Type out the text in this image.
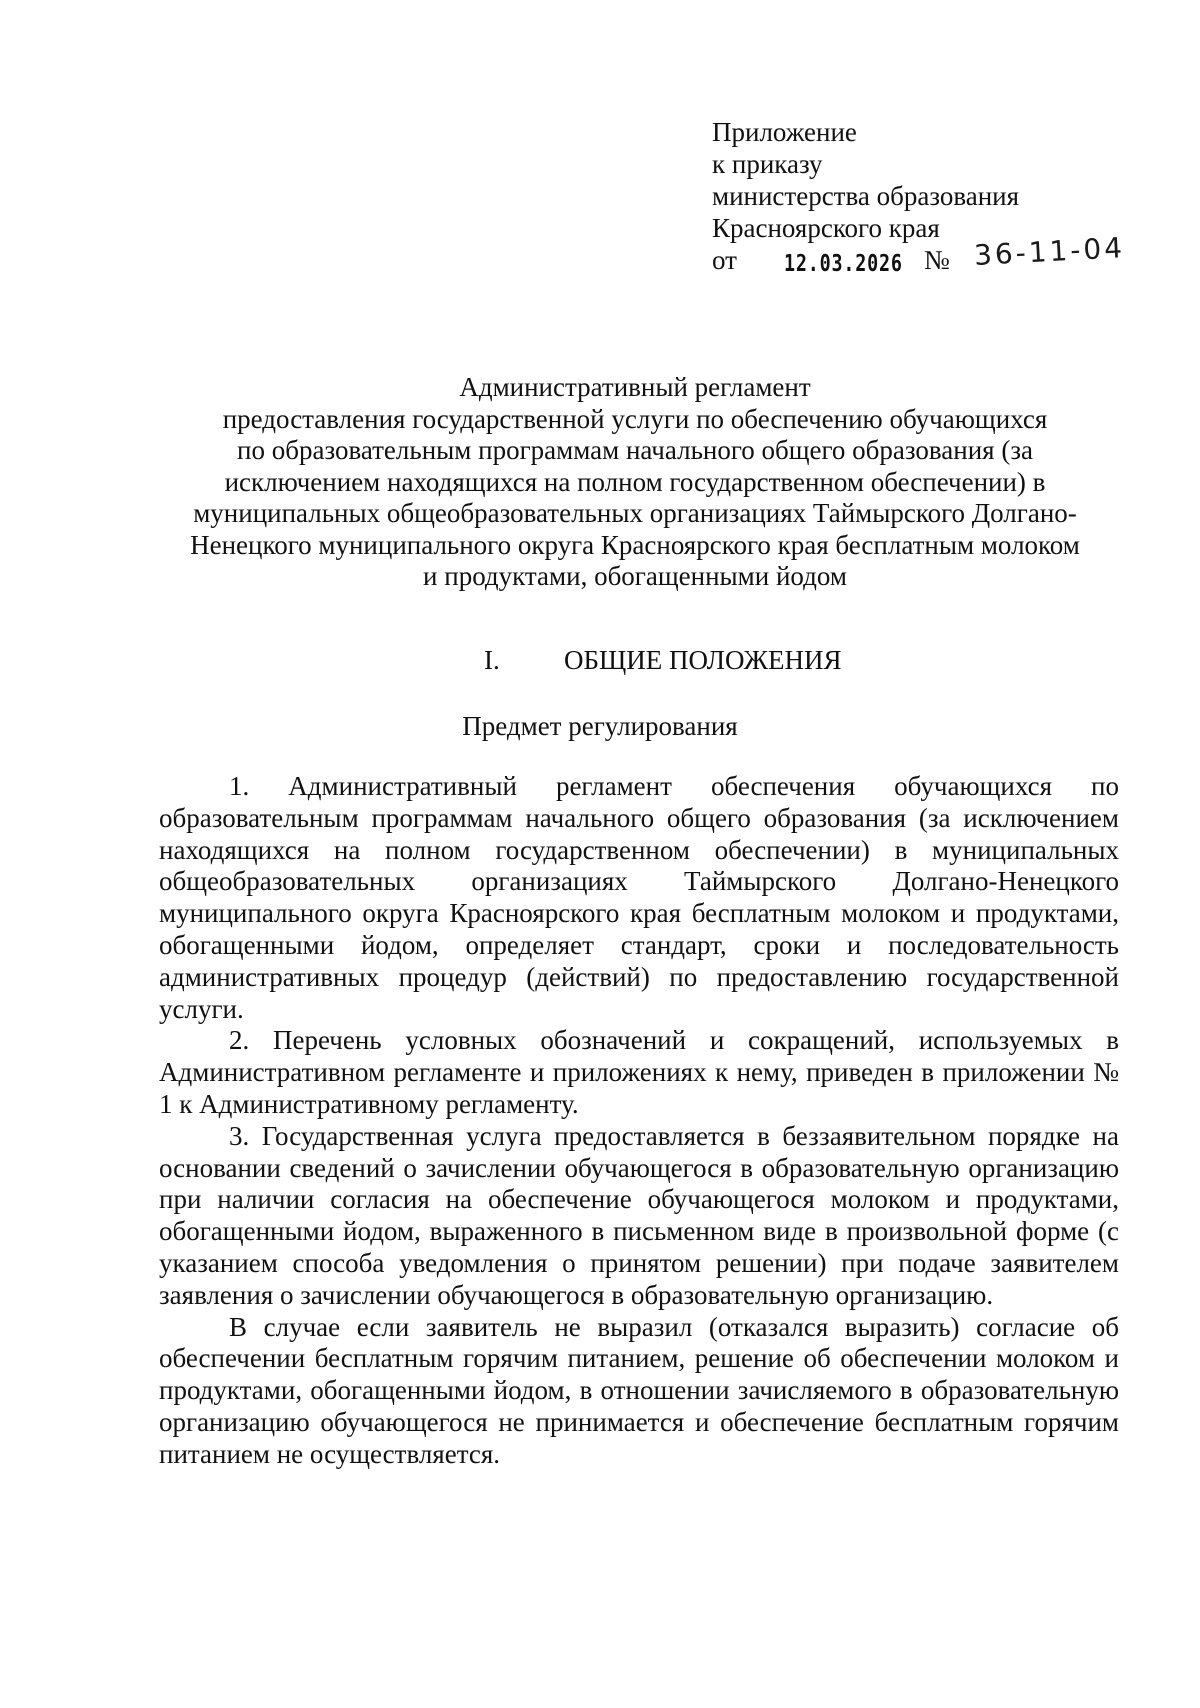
Приложение
к приказу
министерства образования
Красноярского края
от 12.03.2026 № 36-11-04
Административный регламент
предоставления государственной услуги по обеспечению обучающихся
по образовательным программам начального общего образования (за
исключением находящихся на полном государственном обеспечении) в
муниципальных общеобразовательных организациях Таймырского Долгано-
Ненецкого муниципального округа Красноярского края бесплатным молоком
и продуктами, обогащенными йодом
I. ОБЩИЕ ПОЛОЖЕНИЯ
Предмет регулирования

1. Административный регламент обеспечения обучающихся по образовательным программам начального общего образования (за исключением находящихся на полном государственном обеспечении) в муниципальных общеобразовательных организациях Таймырского Долгано-Ненецкого муниципального округа Красноярского края бесплатным молоком и продуктами, обогащенными йодом, определяет стандарт, сроки и последовательность административных процедур (действий) по предоставлению государственной услуги.

2. Перечень условных обозначений и сокращений, используемых в Административном регламенте и приложениях к нему, приведен в приложении № 1 к Административному регламенту.

3. Государственная услуга предоставляется в беззаявительном порядке на основании сведений о зачислении обучающегося в образовательную организацию при наличии согласия на обеспечение обучающегося молоком и продуктами, обогащенными йодом, выраженного в письменном виде в произвольной форме (с указанием способа уведомления о принятом решении) при подаче заявителем заявления о зачислении обучающегося в образовательную организацию.

В случае если заявитель не выразил (отказался выразить) согласие об обеспечении бесплатным горячим питанием, решение об обеспечении молоком и продуктами, обогащенными йодом, в отношении зачисляемого в образовательную организацию обучающегося не принимается и обеспечение бесплатным горячим питанием не осуществляется.
